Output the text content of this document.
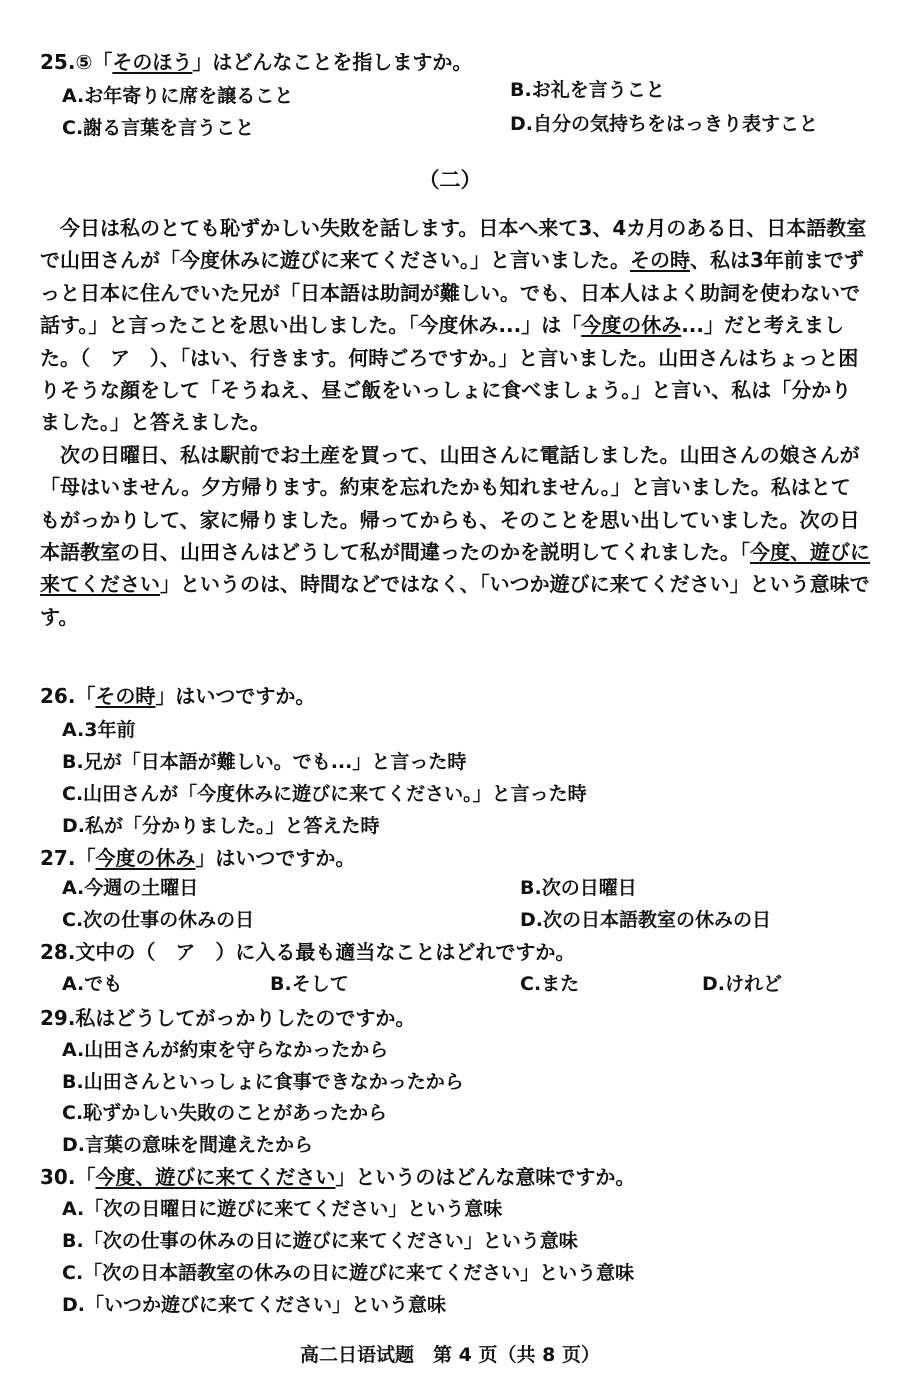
25.⑤「そのほう」はどんなことを指しますか。
A.お年寄りに席を譲ること	B.お礼を言うこと
C.謝る言葉を言うこと	D.自分の気持ちをはっきり表すこと
（二）

今日は私のとても恥ずかしい失敗を話します。日本へ来て3、4カ月のある日、日本語教室で山田さんが「今度休みに遊びに来てください。」と言いました。その時、私は3年前までずっと日本に住んでいた兄が「日本語は助詞が難しい。でも、日本人はよく助詞を使わないで話す。」と言ったことを思い出しました。「今度休み...」は「今度の休み...」だと考えました。（　ア　）、「はい、行きます。何時ごろですか。」と言いました。山田さんはちょっと困りそうな顔をして「そうねえ、昼ご飯をいっしょに食べましょう。」と言い、私は「分かりました。」と答えました。

次の日曜日、私は駅前でお土産を買って、山田さんに電話しました。山田さんの娘さんが「母はいません。夕方帰ります。約束を忘れたかも知れません。」と言いました。私はとてもがっかりして、家に帰りました。帰ってからも、そのことを思い出していました。次の日本語教室の日、山田さんはどうして私が間違ったのかを説明してくれました。「今度、遊びに来てください」というのは、時間などではなく、「いつか遊びに来てください」という意味です。

26.「その時」はいつですか。
A.3年前
B.兄が「日本語が難しい。でも...」と言った時
C.山田さんが「今度休みに遊びに来てください。」と言った時
D.私が「分かりました。」と答えた時
27.「今度の休み」はいつですか。
A.今週の土曜日	B.次の日曜日
C.次の仕事の休みの日	D.次の日本語教室の休みの日
28.文中の（　ア　）に入る最も適当なことはどれですか。
A.でも	B.そして	C.また	D.けれど
29.私はどうしてがっかりしたのですか。
A.山田さんが約束を守らなかったから
B.山田さんといっしょに食事できなかったから
C.恥ずかしい失敗のことがあったから
D.言葉の意味を間違えたから
30.「今度、遊びに来てください」というのはどんな意味ですか。
A.「次の日曜日に遊びに来てください」という意味
B.「次の仕事の休みの日に遊びに来てください」という意味
C.「次の日本語教室の休みの日に遊びに来てください」という意味
D.「いつか遊びに来てください」という意味
高二日语试题　第 4 页（共 8 页）
